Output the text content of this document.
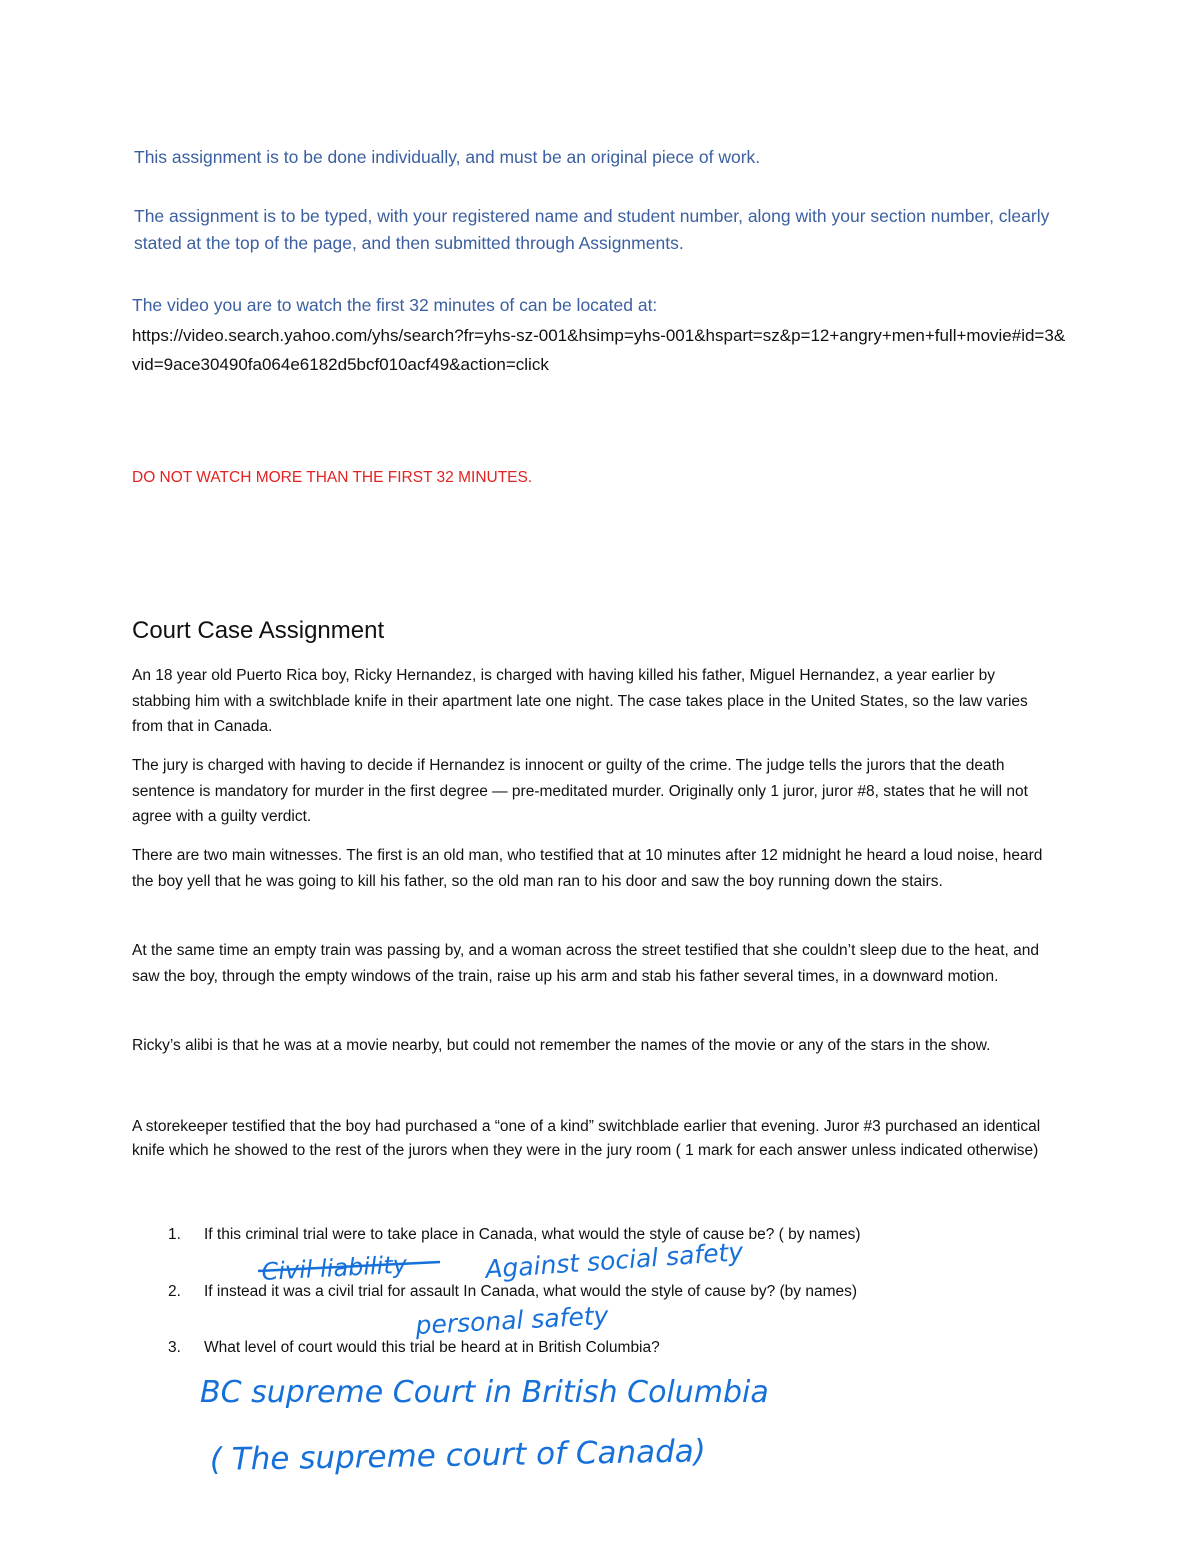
This assignment is to be done individually, and must be an original piece of work.

The assignment is to be typed, with your registered name and student number, along with your section number, clearly stated at the top of the page, and then submitted through Assignments.

The video you are to watch the first 32 minutes of can be located at:

https://video.search.yahoo.com/yhs/search?fr=yhs-sz-001&hsimp=yhs-001&hspart=sz&p=12+angry+men+full+movie#id=3&vid=9ace30490fa064e6182d5bcf010acf49&action=click

DO NOT WATCH MORE THAN THE FIRST 32 MINUTES.

Court Case Assignment

An 18 year old Puerto Rica boy, Ricky Hernandez, is charged with having killed his father, Miguel Hernandez, a year earlier by stabbing him with a switchblade knife in their apartment late one night. The case takes place in the United States, so the law varies from that in Canada.

The jury is charged with having to decide if Hernandez is innocent or guilty of the crime. The judge tells the jurors that the death sentence is mandatory for murder in the first degree — pre-meditated murder. Originally only 1 juror, juror #8, states that he will not agree with a guilty verdict.

There are two main witnesses. The first is an old man, who testified that at 10 minutes after 12 midnight he heard a loud noise, heard the boy yell that he was going to kill his father, so the old man ran to his door and saw the boy running down the stairs.

At the same time an empty train was passing by, and a woman across the street testified that she couldn’t sleep due to the heat, and saw the boy, through the empty windows of the train, raise up his arm and stab his father several times, in a downward motion.

Ricky’s alibi is that he was at a movie nearby, but could not remember the names of the movie or any of the stars in the show.

A storekeeper testified that the boy had purchased a “one of a kind” switchblade earlier that evening. Juror #3 purchased an identical knife which he showed to the rest of the jurors when they were in the jury room ( 1 mark for each answer unless indicated otherwise)

1. If this criminal trial were to take place in Canada, what would the style of cause be? ( by names)

2. If instead it was a civil trial for assault In Canada, what would the style of cause by? (by names)

3. What level of court would this trial be heard at in British Columbia?

Civil liability	Against social safety
personal safety
BC supreme Court in British Columbia
( The supreme court of Canada)
